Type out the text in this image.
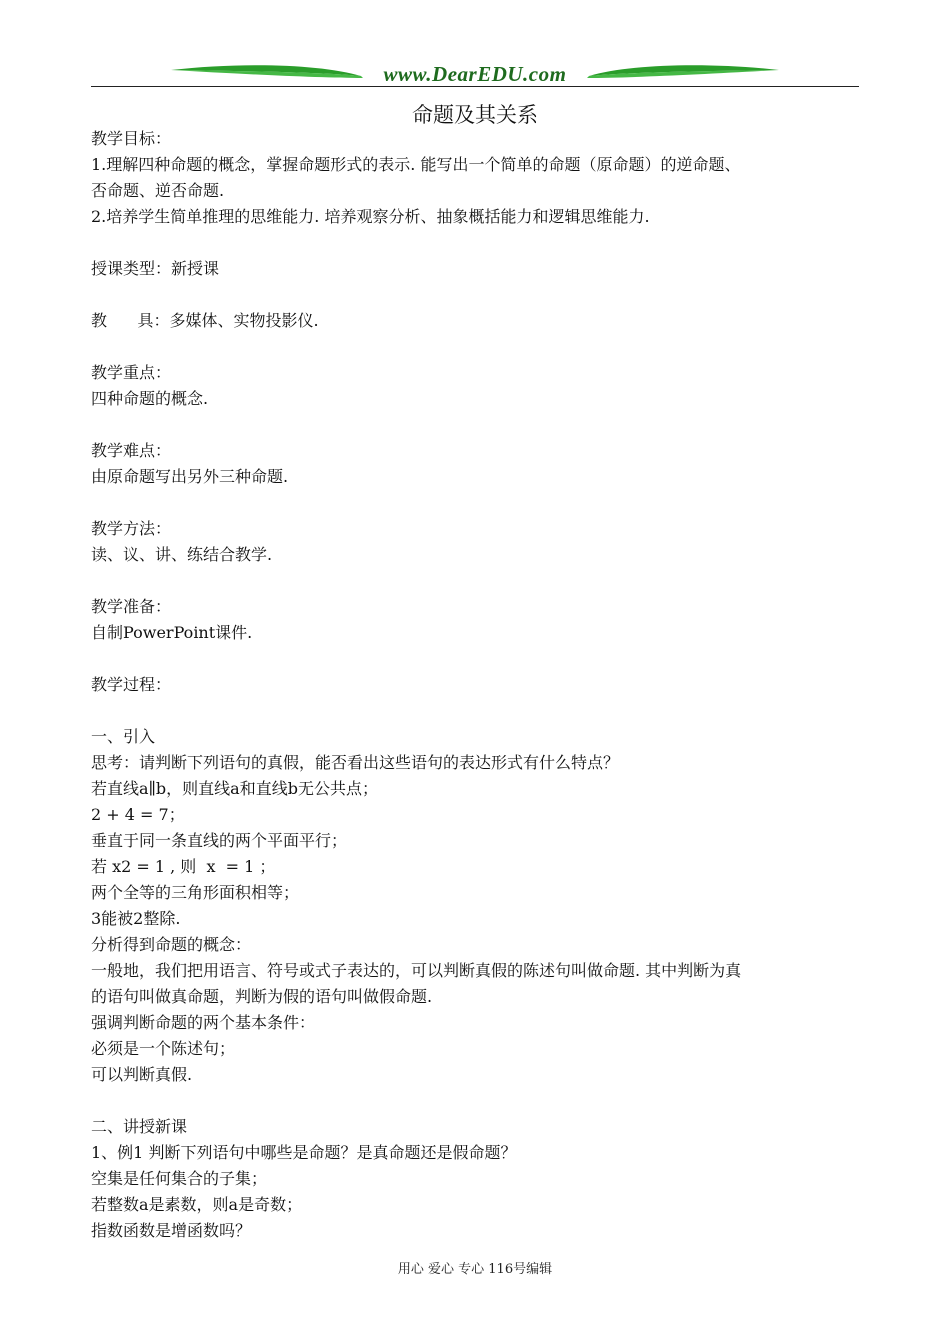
www.DearEDU.com
命题及其关系
教学目标：
1.理解四种命题的概念，掌握命题形式的表示. 能写出一个简单的命题（原命题）的逆命题、
否命题、逆否命题.
2.培养学生简单推理的思维能力. 培养观察分析、抽象概括能力和逻辑思维能力.
授课类型：新授课
教      具：多媒体、实物投影仪.
教学重点：
四种命题的概念.
教学难点：
由原命题写出另外三种命题.
教学方法：
读、议、讲、练结合教学.
教学准备：
自制PowerPoint课件.
教学过程：
一、引入
思考：请判断下列语句的真假，能否看出这些语句的表达形式有什么特点？
若直线a∥b，则直线a和直线b无公共点；
2 + 4 = 7；
垂直于同一条直线的两个平面平行；
若 x2 = 1 , 则  x  = 1 ；
两个全等的三角形面积相等；
3能被2整除.
分析得到命题的概念：
一般地，我们把用语言、符号或式子表达的，可以判断真假的陈述句叫做命题. 其中判断为真
的语句叫做真命题，判断为假的语句叫做假命题.
强调判断命题的两个基本条件：
必须是一个陈述句；
可以判断真假.
二、讲授新课
1、例1 判断下列语句中哪些是命题？是真命题还是假命题？
空集是任何集合的子集；
若整数a是素数，则a是奇数；
指数函数是增函数吗？
用心 爱心 专心 116号编辑
